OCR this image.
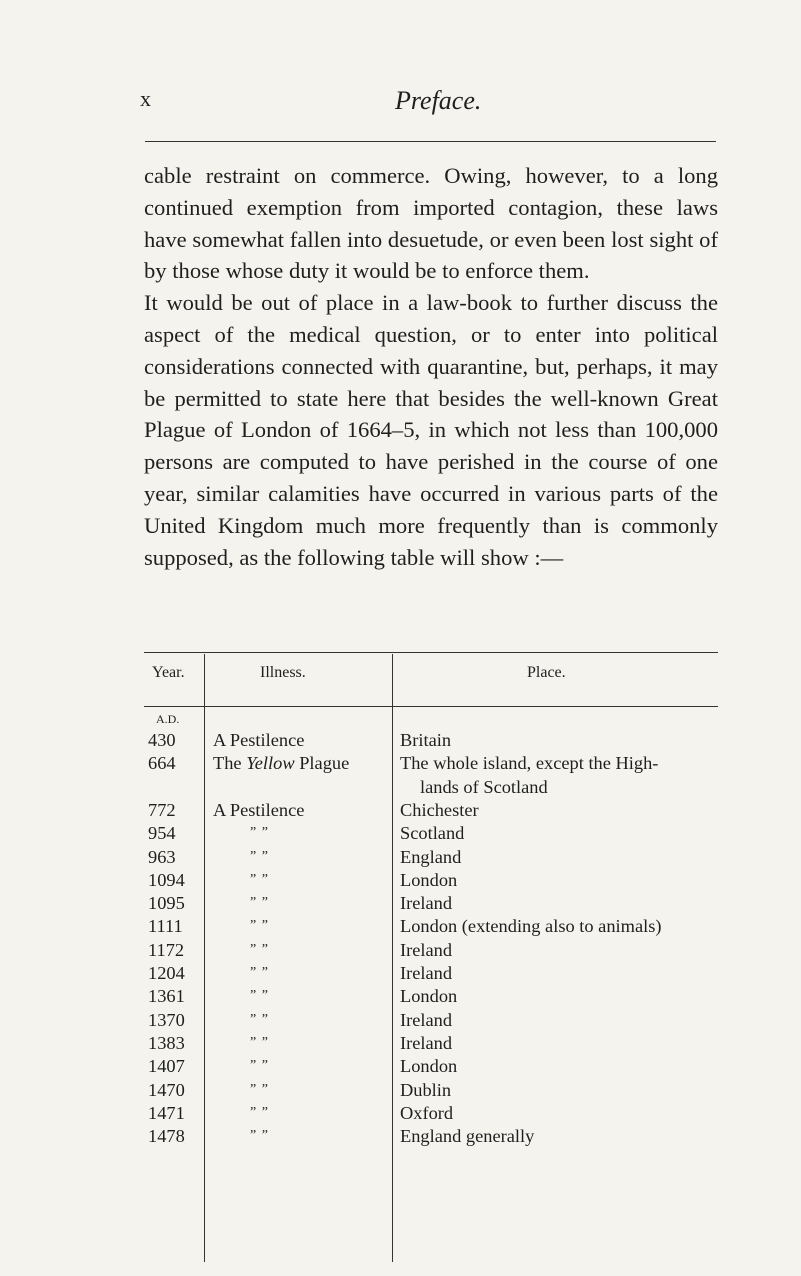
x	Preface.

cable restraint on commerce. Owing, however, to a long continued exemption from imported contagion, these laws have somewhat fallen into desuetude, or even been lost sight of by those whose duty it would be to enforce them.

It would be out of place in a law-book to further discuss the aspect of the medical question, or to enter into political considerations connected with quarantine, but, perhaps, it may be permitted to state here that besides the well-known Great Plague of London of 1664–5, in which not less than 100,000 persons are computed to have perished in the course of one year, similar calamities have occurred in various parts of the United Kingdom much more frequently than is commonly supposed, as the following table will show :—

Year.	Illness.	Place.
A.D.
430 A Pestilence	Britain
664 The Yellow Plague	The whole island, except the High-
lands of Scotland
772 A Pestilence	Chichester
954	” ”	Scotland
963	” ”	England
1094	” ”	London
1095	” ”	Ireland
1111	” ”	London (extending also to animals)
1172	” ”	Ireland
1204	” ”	Ireland
1361	” ”	London
1370	” ”	Ireland
1383	” ”	Ireland
1407	” ”	London
1470	” ”	Dublin
1471	” ”	Oxford
1478	” ”	England generally
